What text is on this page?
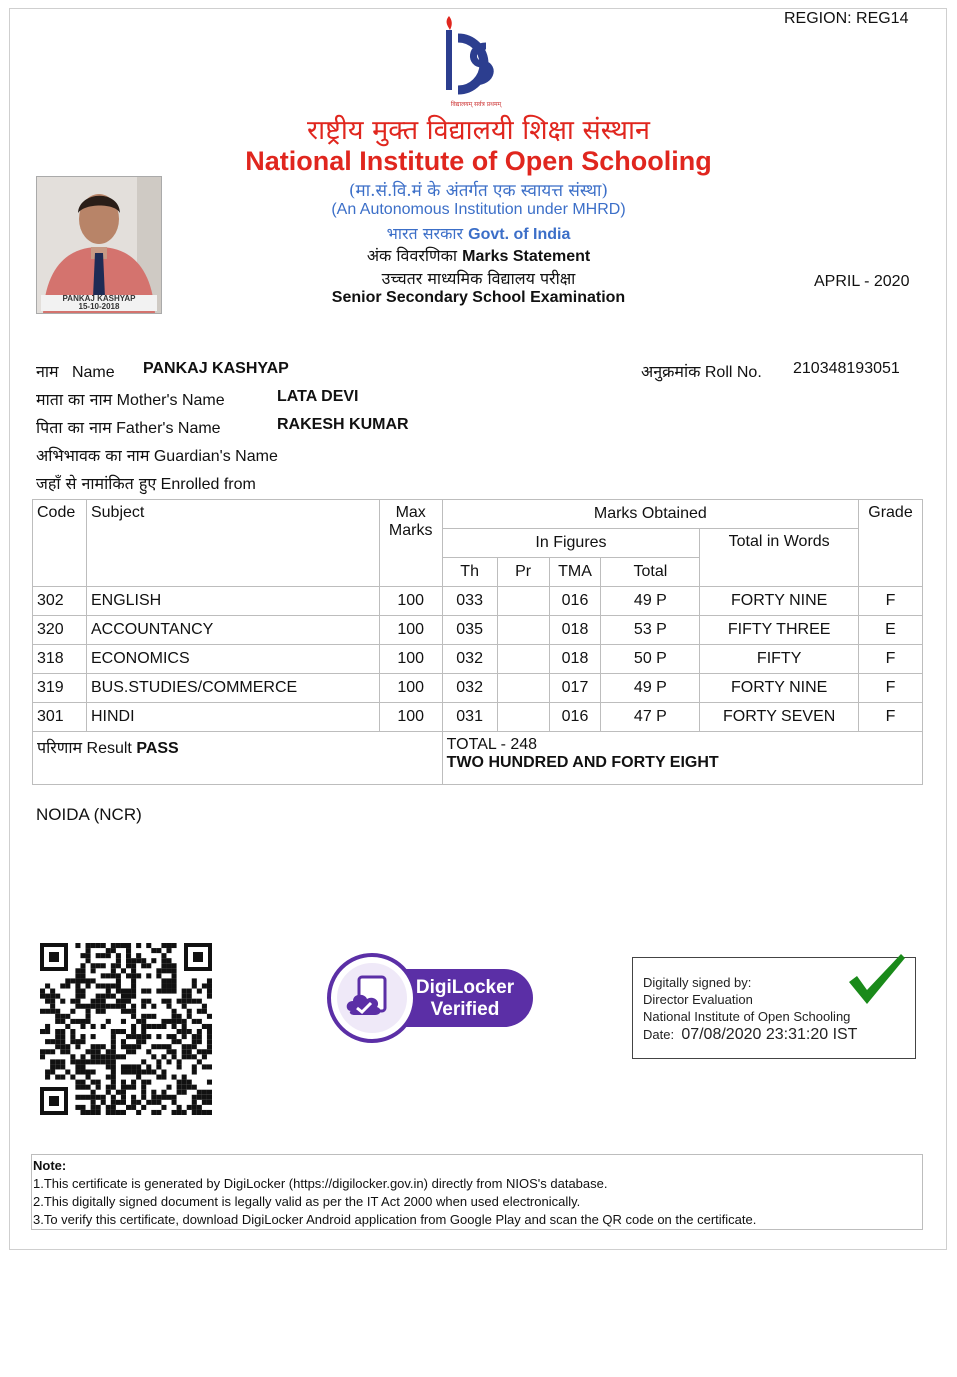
REGION: REG14
विद्यालयम् सर्वत्र प्रथमम्
राष्ट्रीय मुक्त विद्यालयी शिक्षा संस्थान
National Institute of Open Schooling
(मा.सं.वि.मं के अंतर्गत एक स्वायत्त संस्था)
(An Autonomous Institution under MHRD)
भारत सरकार Govt. of India
अंक विवरणिका Marks Statement
उच्चतर माध्यमिक विद्यालय परीक्षा
Senior Secondary School Examination
APRIL - 2020
PANKAJ KASHYAP
15-10-2018
नाम Name PANKAJ KASHYAP	अनुक्रमांक Roll No. 210348193051
माता का नाम Mother's Name	LATA DEVI
पिता का नाम Father's Name	RAKESH KUMAR
अभिभावक का नाम Guardian's Name
जहाँ से नामांकित हुए Enrolled from
Code	Subject	Max
Marks	Marks Obtained					Grade
			In Figures				Total in Words	
			Th	Pr	TMA	Total		
302	ENGLISH	100	033		016	49 P	FORTY NINE	F
320	ACCOUNTANCY	100	035		018	53 P	FIFTY THREE	E
318	ECONOMICS	100	032		018	50 P	FIFTY	F
319	BUS.STUDIES/COMMERCE	100	032		017	49 P	FORTY NINE	F
301	HINDI	100	031		016	47 P	FORTY SEVEN	F
परिणाम Result PASS			TOTAL - 248
TWO HUNDRED AND FORTY EIGHT					
NOIDA (NCR)
DigiLocker
Verified
Digitally signed by:
Director Evaluation
National Institute of Open Schooling
Date: 07/08/2020 23:31:20 IST
Note:
1.This certificate is generated by DigiLocker (https://digilocker.gov.in) directly from NIOS's database.
2.This digitally signed document is legally valid as per the IT Act 2000 when used electronically.
3.To verify this certificate, download DigiLocker Android application from Google Play and scan the QR code on the certificate.
